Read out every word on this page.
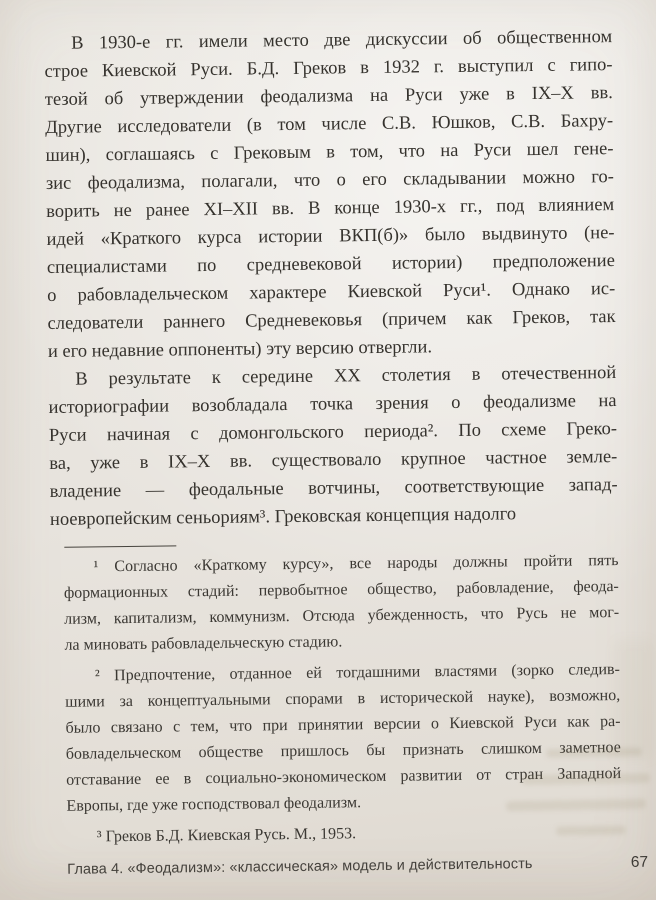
В 1930-е гг. имели место две дискуссии об общественном
строе Киевской Руси. Б.Д. Греков в 1932 г. выступил с гипо-
тезой об утверждении феодализма на Руси уже в IX–X вв.
Другие исследователи (в том числе С.В. Юшков, С.В. Бахру-
шин), соглашаясь с Грековым в том, что на Руси шел гене-
зис феодализма, полагали, что о его складывании можно го-
ворить не ранее XI–XII вв. В конце 1930-х гг., под влиянием
идей «Краткого курса истории ВКП(б)» было выдвинуто (не-
специалистами по средневековой истории) предположение
о рабовладельческом характере Киевской Руси¹. Однако ис-
следователи раннего Средневековья (причем как Греков, так
и его недавние оппоненты) эту версию отвергли.
В результате к середине XX столетия в отечественной
историографии возобладала точка зрения о феодализме на
Руси начиная с домонгольского периода². По схеме Греко-
ва, уже в IX–X вв. существовало крупное частное земле-
владение — феодальные вотчины, соответствующие запад-
ноевропейским сеньориям³. Грековская концепция надолго
¹ Согласно «Краткому курсу», все народы должны пройти пять
формационных стадий: первобытное общество, рабовладение, феода-
лизм, капитализм, коммунизм. Отсюда убежденность, что Русь не мог-
ла миновать рабовладельческую стадию.
² Предпочтение, отданное ей тогдашними властями (зорко следив-
шими за концептуальными спорами в исторической науке), возможно,
было связано с тем, что при принятии версии о Киевской Руси как ра-
бовладельческом обществе пришлось бы признать слишком заметное
отставание ее в социально-экономическом развитии от стран Западной
Европы, где уже господствовал феодализм.
³ Греков Б.Д. Киевская Русь. М., 1953.
Глава 4. «Феодализм»: «классическая» модель и действительность	67
